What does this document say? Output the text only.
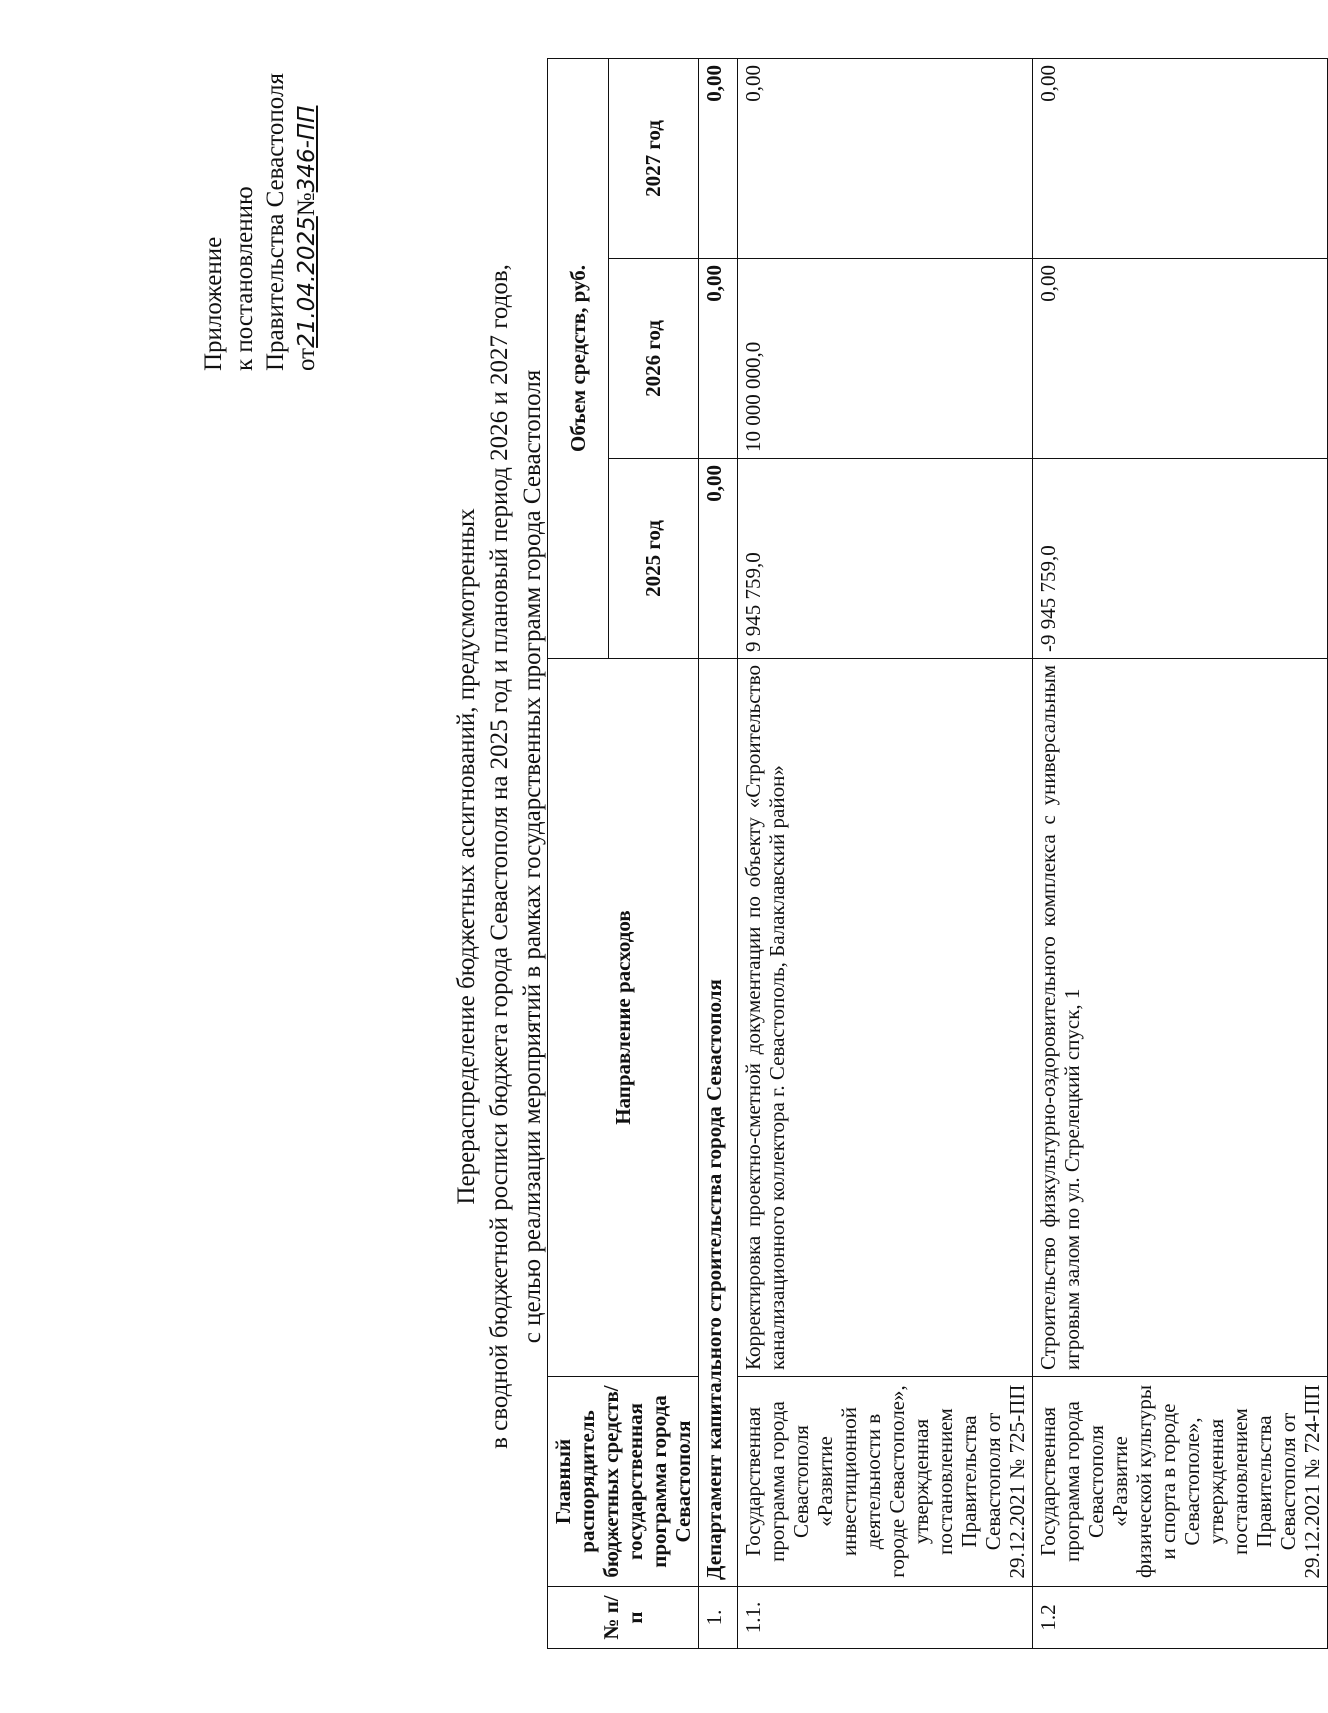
Приложение к постановлению Правительства Севастополя от21.04.2025№346-ПП
Перераспределение бюджетных ассигнований, предусмотренных в сводной бюджетной росписи бюджета города Севастополя на 2025 год и плановый период 2026 и 2027 годов, с целью реализации мероприятий в рамках государственных программ города Севастополя
№ п/п	Главный распорядитель бюджетных средств/государственная программа города Севастополя	Направление расходов	Объем средств, руб.		
			2025 год	2026 год	2027 год
1.	Департамент капитального строительства города Севастополя		0,00	0,00	0,00
1.1.	Государственная программа города Севастополя «Развитие инвестиционной деятельности в городе Севастополе», утвержденная постановлением Правительства Севастополя от 29.12.2021 № 725-ПП	Корректировка проектно-сметной документации по объекту «Строительство канализационного коллектора г. Севастополь, Балаклавский район»	9 945 759,0	10 000 000,0	0,00
1.2	Государственная программа города Севастополя «Развитие физической культуры и спорта в городе Севастополе», утвержденная постановлением Правительства Севастополя от 29.12.2021 № 724-ПП	Строительство физкультурно-оздоровительного комплекса с универсальным игровым залом по ул. Стрелецкий спуск, 1	-9 945 759,0	0,00	0,00
